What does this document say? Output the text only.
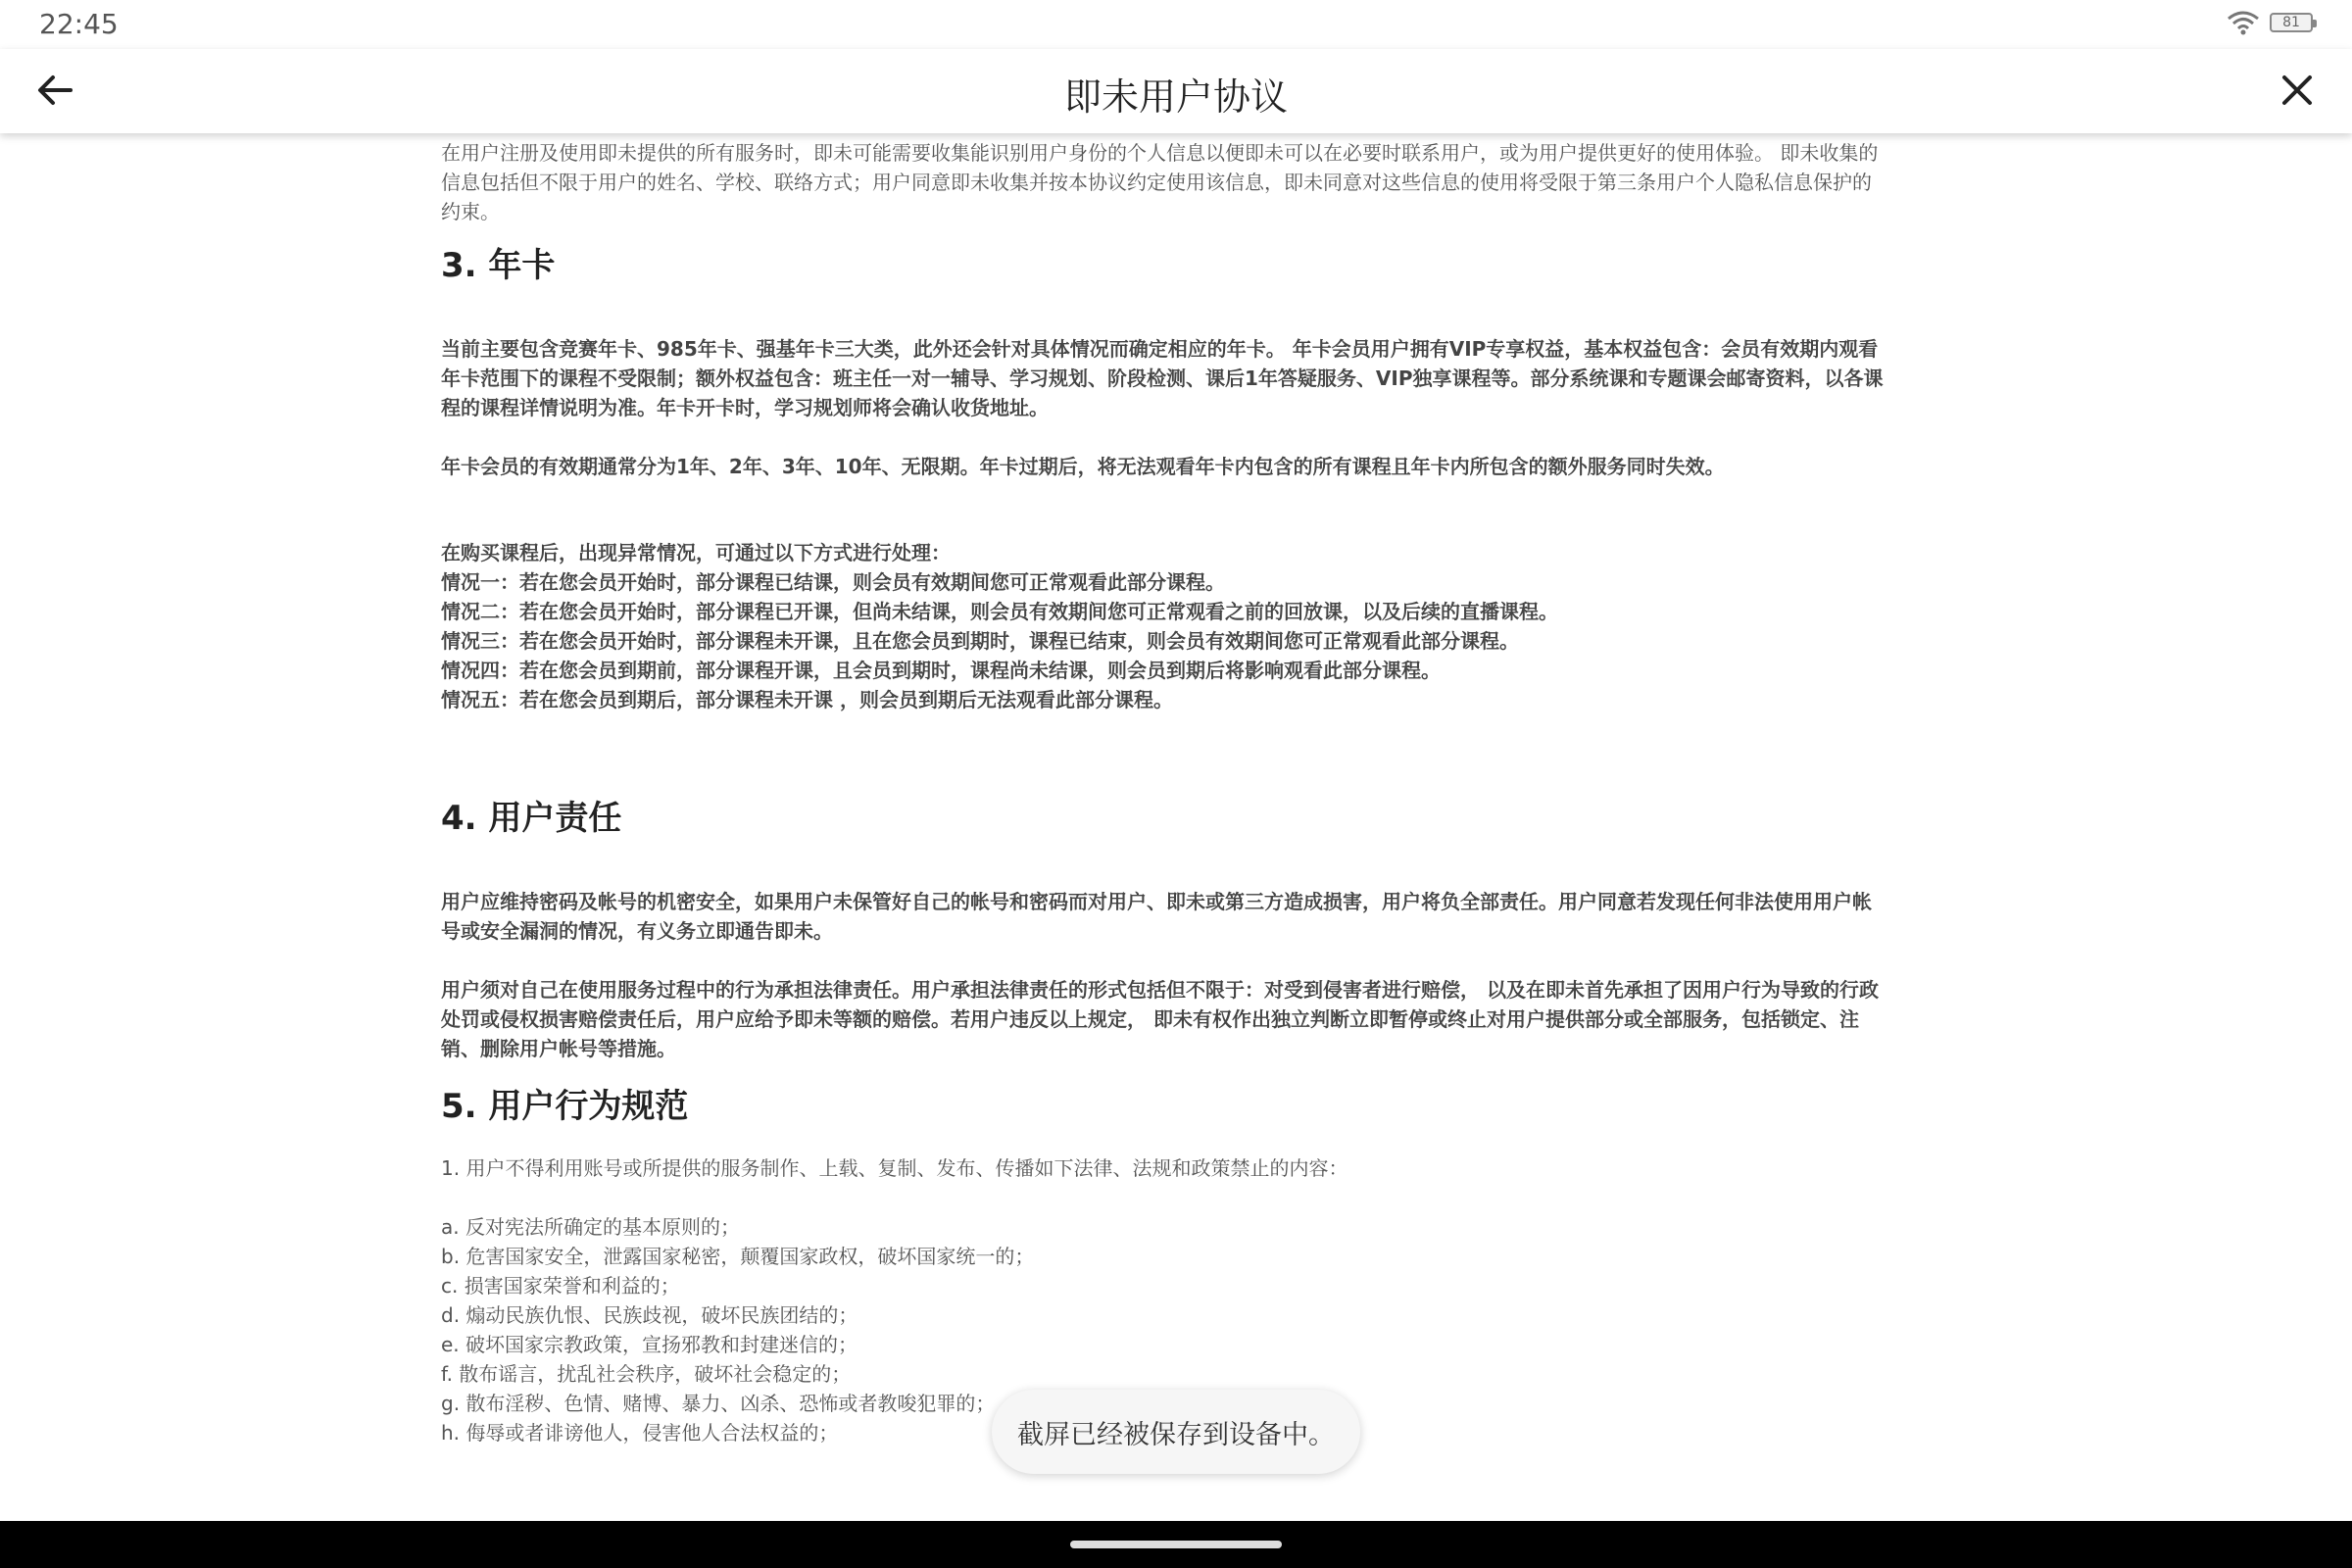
22:45	81
即未用户协议

在用户注册及使用即未提供的所有服务时，即未可能需要收集能识别用户身份的个人信息以便即未可以在必要时联系用户，或为用户提供更好的使用体验。 即未收集的
信息包括但不限于用户的姓名、学校、联络方式；用户同意即未收集并按本协议约定使用该信息，即未同意对这些信息的使用将受限于第三条用户个人隐私信息保护的
约束。

3. 年卡

当前主要包含竞赛年卡、985年卡、强基年卡三大类，此外还会针对具体情况而确定相应的年卡。 年卡会员用户拥有VIP专享权益，基本权益包含：会员有效期内观看
年卡范围下的课程不受限制；额外权益包含：班主任一对一辅导、学习规划、阶段检测、课后1年答疑服务、VIP独享课程等。部分系统课和专题课会邮寄资料，以各课
程的课程详情说明为准。年卡开卡时，学习规划师将会确认收货地址。

年卡会员的有效期通常分为1年、2年、3年、10年、无限期。年卡过期后，将无法观看年卡内包含的所有课程且年卡内所包含的额外服务同时失效。

在购买课程后，出现异常情况，可通过以下方式进行处理：
情况一：若在您会员开始时，部分课程已结课，则会员有效期间您可正常观看此部分课程。
情况二：若在您会员开始时，部分课程已开课，但尚未结课，则会员有效期间您可正常观看之前的回放课，以及后续的直播课程。
情况三：若在您会员开始时，部分课程未开课，且在您会员到期时，课程已结束，则会员有效期间您可正常观看此部分课程。
情况四：若在您会员到期前，部分课程开课，且会员到期时，课程尚未结课，则会员到期后将影响观看此部分课程。
情况五：若在您会员到期后，部分课程未开课 ，则会员到期后无法观看此部分课程。

4. 用户责任

用户应维持密码及帐号的机密安全，如果用户未保管好自己的帐号和密码而对用户、即未或第三方造成损害，用户将负全部责任。用户同意若发现任何非法使用用户帐
号或安全漏洞的情况，有义务立即通告即未。

用户须对自己在使用服务过程中的行为承担法律责任。用户承担法律责任的形式包括但不限于：对受到侵害者进行赔偿， 以及在即未首先承担了因用户行为导致的行政
处罚或侵权损害赔偿责任后，用户应给予即未等额的赔偿。若用户违反以上规定， 即未有权作出独立判断立即暂停或终止对用户提供部分或全部服务，包括锁定、注
销、删除用户帐号等措施。

5. 用户行为规范

1. 用户不得利用账号或所提供的服务制作、上载、复制、发布、传播如下法律、法规和政策禁止的内容：

a. 反对宪法所确定的基本原则的；
b. 危害国家安全，泄露国家秘密，颠覆国家政权，破坏国家统一的；
c. 损害国家荣誉和利益的；
d. 煽动民族仇恨、民族歧视，破坏民族团结的；
e. 破坏国家宗教政策，宣扬邪教和封建迷信的；
f. 散布谣言，扰乱社会秩序，破坏社会稳定的；
g. 散布淫秽、色情、赌博、暴力、凶杀、恐怖或者教唆犯罪的；
h. 侮辱或者诽谤他人，侵害他人合法权益的；	截屏已经被保存到设备中。
